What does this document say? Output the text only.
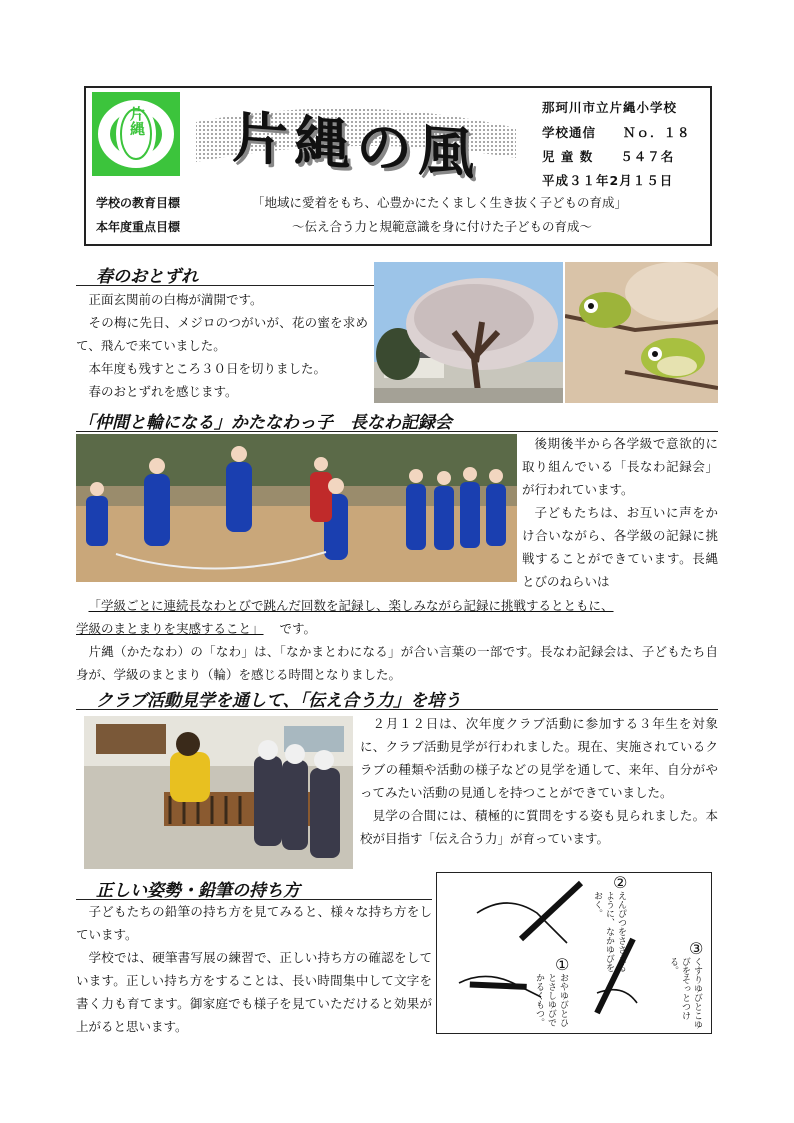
片縄	片縄の風	那珂川市立片縄小学校
学校通信　　Ｎｏ．１８
児 童 数　　５４７名
平成３１年2月１５日
学校の教育目標	「地域に愛着をもち、心豊かにたくましく生き抜く子どもの育成」
本年度重点目標	～伝え合う力と規範意識を身に付けた子どもの育成～
春のおとずれ

正面玄関前の白梅が満開です。

その梅に先日、メジロのつがいが、花の蜜を求めて、飛んで来ていました。

本年度も残すところ３０日を切りました。

春のおとずれを感じます。

「仲間と輪になる」かたなわっ子　長なわ記録会

後期後半から各学級で意欲的に取り組んでいる「長なわ記録会」が行われています。

子どもたちは、お互いに声をかけ合いながら、各学級の記録に挑戦することができています。長縄とびのねらいは

「学級ごとに連続長なわとびで跳んだ回数を記録し、楽しみながら記録に挑戦するとともに、
学級のまとまりを実感すること」 です。

片縄（かたなわ）の「なわ」は、「なかまとわになる」が合い言葉の一部です。長なわ記録会は、子どもたち自身が、学級のまとまり（輪）を感じる時間となりました。

クラブ活動見学を通して、「伝え合う力」を培う

２月１２日は、次年度クラブ活動に参加する３年生を対象に、クラブ活動見学が行われました。現在、実施されているクラブの種類や活動の様子などの見学を通して、来年、自分がやってみたい活動の見通しを持つことができていました。

見学の合間には、積極的に質問をする姿も見られました。本校が目指す「伝え合う力」が育っています。

正しい姿勢・鉛筆の持ち方

子どもたちの鉛筆の持ち方を見てみると、様々な持ち方をしています。

学校では、硬筆書写展の練習で、正しい持ち方の確認をしています。正しい持ち方をすることは、長い時間集中して文字を書く力も育てます。御家庭でも様子を見ていただけると効果が上がると思います。

②
えんぴつをささえるように、なかゆびをおく。
③
くすりゆびとこゆびをそっとつける。
①
おやゆびとひとさしゆびでかるくもつ。
